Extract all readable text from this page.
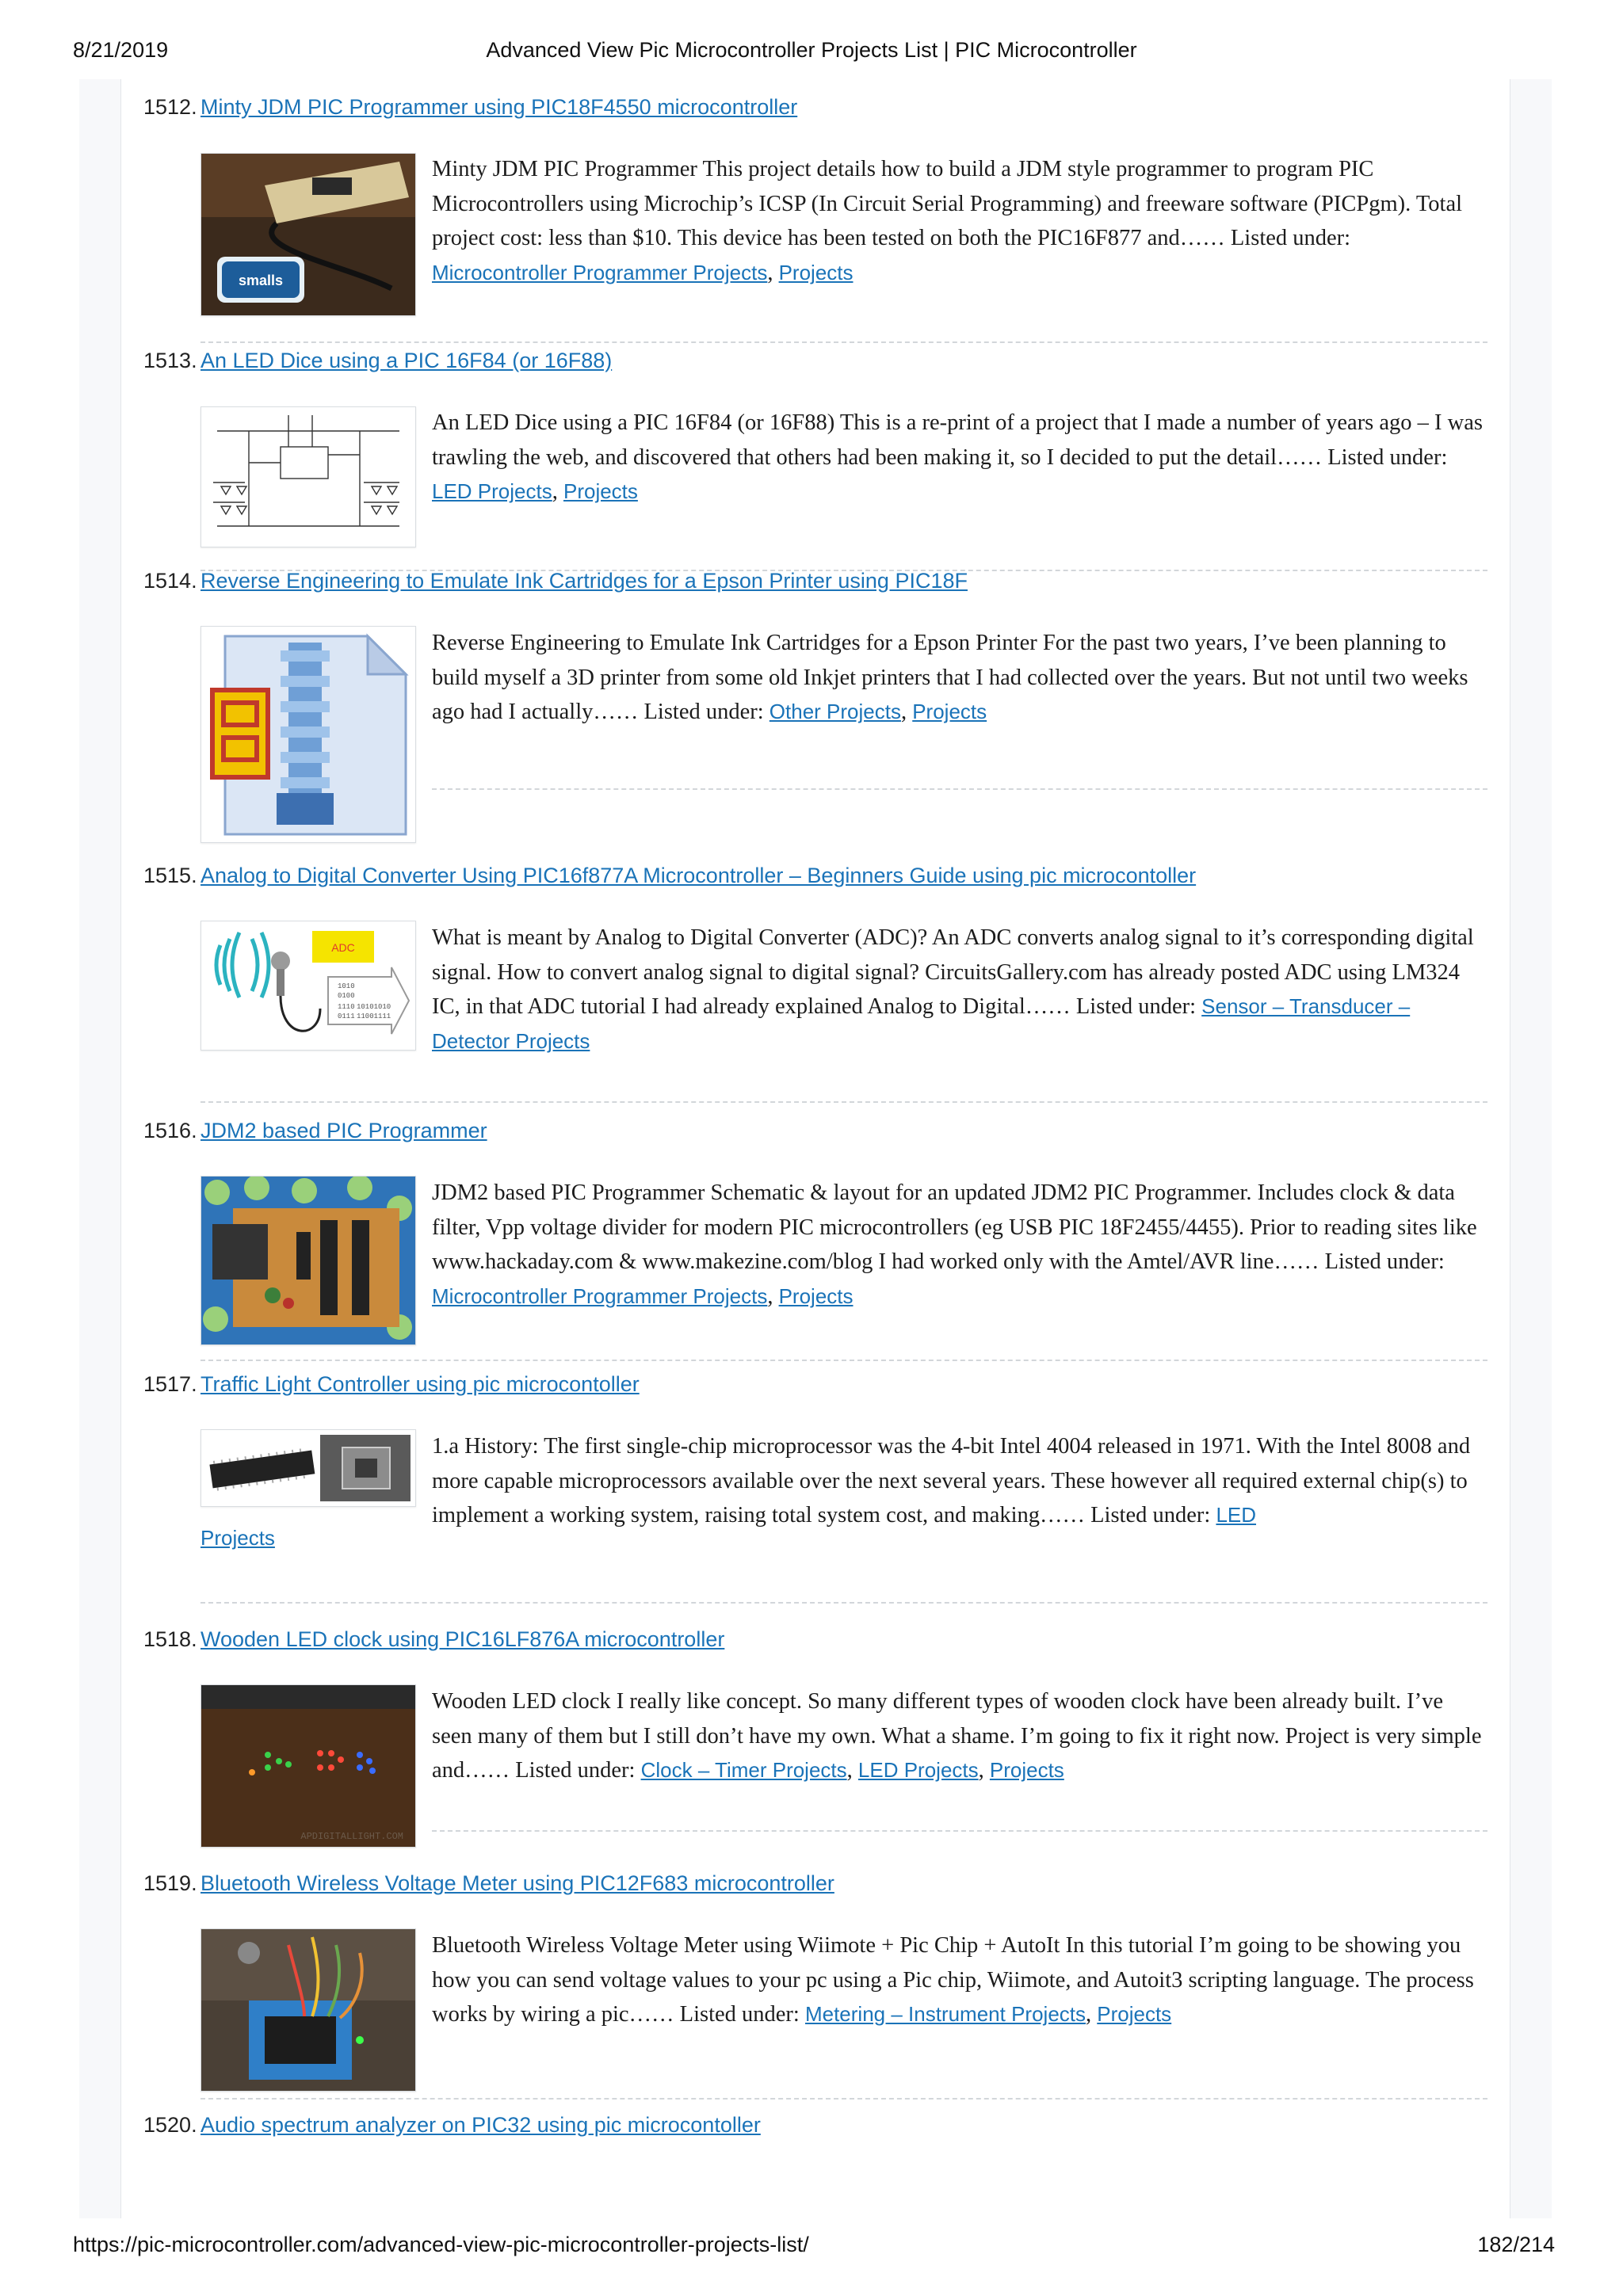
8/21/2019	Advanced View Pic Microcontroller Projects List | PIC Microcontroller
1512. Minty JDM PIC Programmer using PIC18F4550 microcontroller
smalls
Minty JDM PIC Programmer This project details how to build a JDM style programmer to program PIC Microcontrollers using Microchip’s ICSP (In Circuit Serial Programming) and freeware software (PICPgm). Total project cost: less than $10. This device has been tested on both the PIC16F877 and…… Listed under: Microcontroller Programmer Projects, Projects
1513. An LED Dice using a PIC 16F84 (or 16F88)
An LED Dice using a PIC 16F84 (or 16F88) This is a re-print of a project that I made a number of years ago – I was trawling the web, and discovered that others had been making it, so I decided to put the detail…… Listed under: LED Projects, Projects
1514. Reverse Engineering to Emulate Ink Cartridges for a Epson Printer using PIC18F
Reverse Engineering to Emulate Ink Cartridges for a Epson Printer For the past two years, I’ve been planning to build myself a 3D printer from some old Inkjet printers that I had collected over the years. But not until two weeks ago had I actually…… Listed under: Other Projects, Projects
1515. Analog to Digital Converter Using PIC16f877A Microcontroller – Beginners Guide using pic microcontoller
ADC
1010
0100
1110
0111
10101010
11001111
What is meant by Analog to Digital Converter (ADC)? An ADC converts analog signal to it’s corresponding digital signal. How to convert analog signal to digital signal? CircuitsGallery.com has already posted ADC using LM324 IC, in that ADC tutorial I had already explained Analog to Digital…… Listed under: Sensor – Transducer – Detector Projects
1516. JDM2 based PIC Programmer
JDM2 based PIC Programmer Schematic & layout for an updated JDM2 PIC Programmer. Includes clock & data filter, Vpp voltage divider for modern PIC microcontrollers (eg USB PIC 18F2455/4455). Prior to reading sites like www.hackaday.com & www.makezine.com/blog I had worked only with the Amtel/AVR line…… Listed under: Microcontroller Programmer Projects, Projects
1517. Traffic Light Controller using pic microcontoller
1.a History: The first single-chip microprocessor was the 4-bit Intel 4004 released in 1971. With the Intel 8008 and more capable microprocessors available over the next several years. These however all required external chip(s) to implement a working system, raising total system cost, and making…… Listed under: LED
Projects
1518. Wooden LED clock using PIC16LF876A microcontroller
APDIGITALLIGHT.COM
Wooden LED clock I really like concept. So many different types of wooden clock have been already built. I’ve seen many of them but I still don’t have my own. What a shame. I’m going to fix it right now. Project is very simple and…… Listed under: Clock – Timer Projects, LED Projects, Projects
1519. Bluetooth Wireless Voltage Meter using PIC12F683 microcontroller
Bluetooth Wireless Voltage Meter using Wiimote + Pic Chip + AutoIt In this tutorial I’m going to be showing you how you can send voltage values to your pc using a Pic chip, Wiimote, and Autoit3 scripting language. The process works by wiring a pic…… Listed under: Metering – Instrument Projects, Projects
1520. Audio spectrum analyzer on PIC32 using pic microcontoller
https://pic-microcontroller.com/advanced-view-pic-microcontroller-projects-list/	182/214
